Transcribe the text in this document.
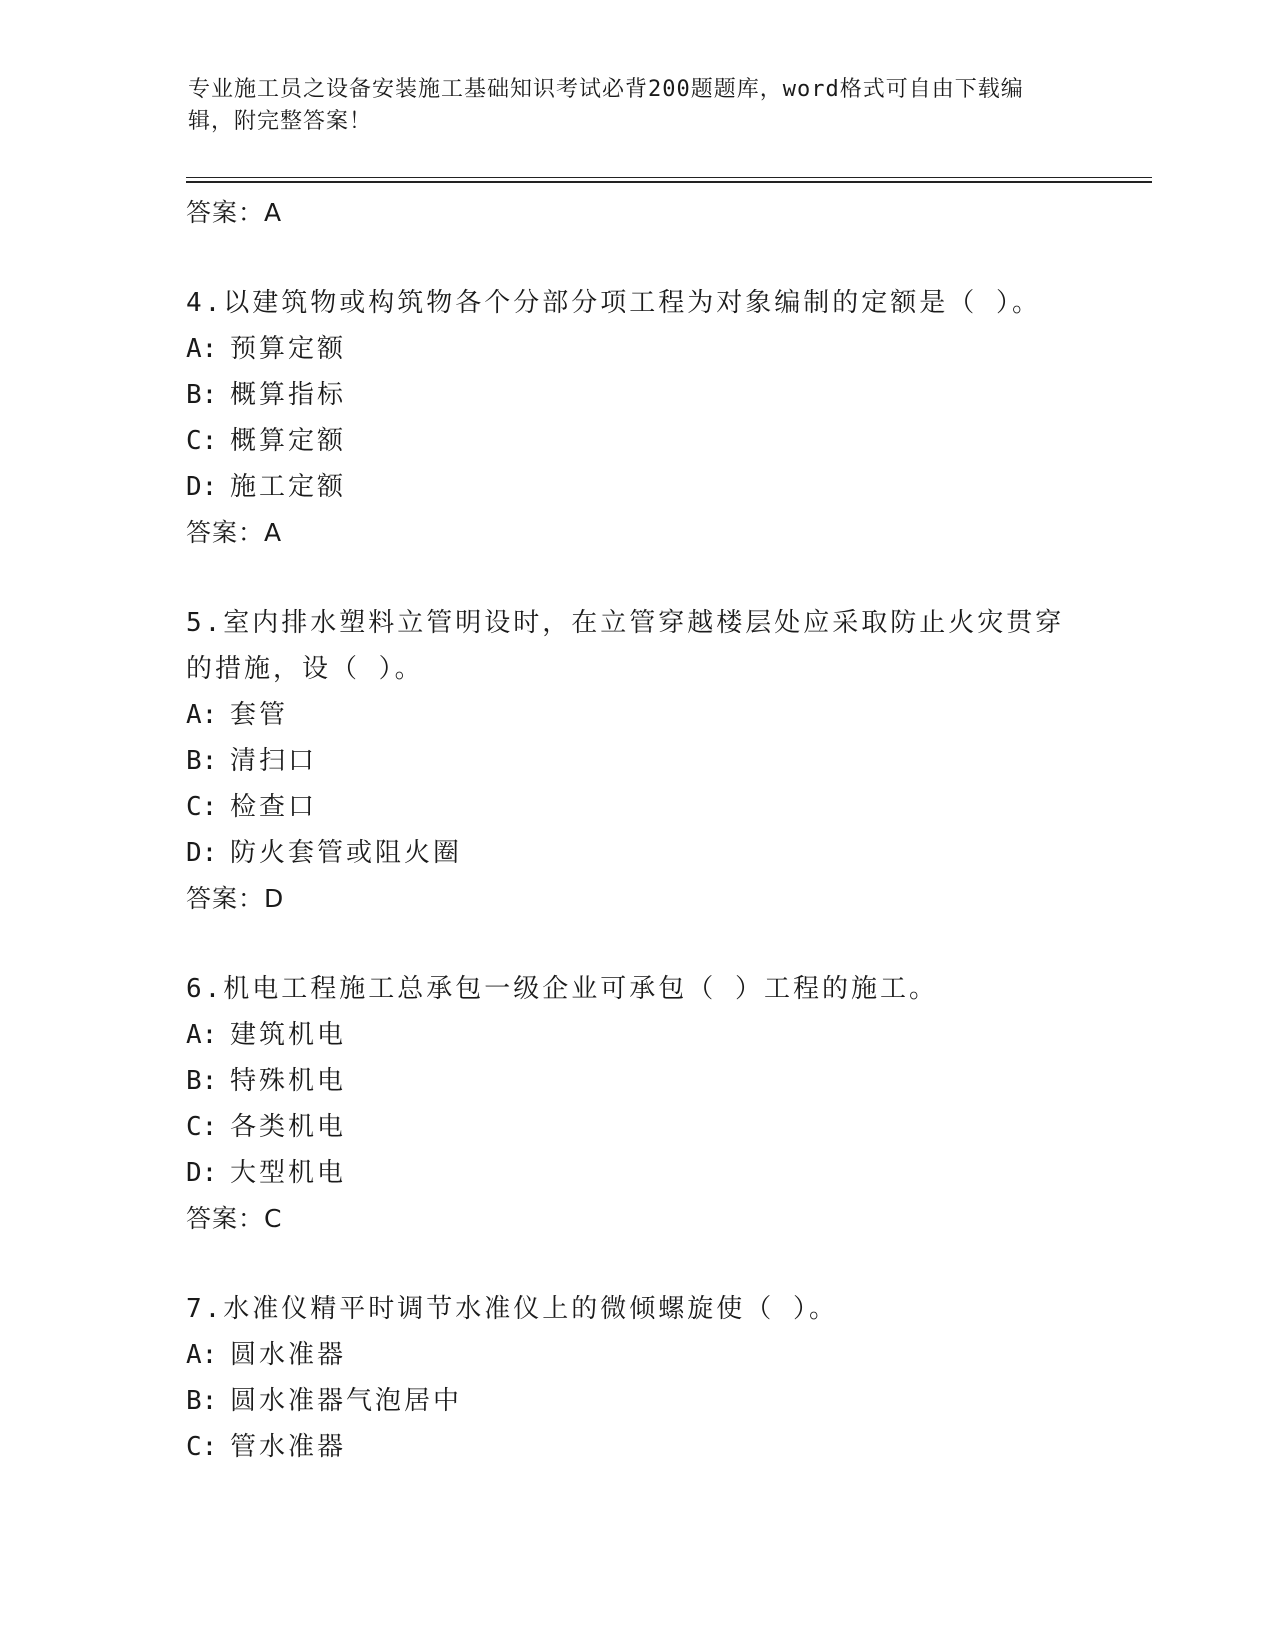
专业施工员之设备安装施工基础知识考试必背200题题库，word格式可自由下载编辑，附完整答案！
答案：A
4.以建筑物或构筑物各个分部分项工程为对象编制的定额是（ ）。
A: 预算定额
B: 概算指标
C: 概算定额
D: 施工定额
答案：A
5.室内排水塑料立管明设时，在立管穿越楼层处应采取防止火灾贯穿的措施，设（ ）。
A: 套管
B: 清扫口
C: 检查口
D: 防火套管或阻火圈
答案：D
6.机电工程施工总承包一级企业可承包（ ）工程的施工。
A: 建筑机电
B: 特殊机电
C: 各类机电
D: 大型机电
答案：C
7.水准仪精平时调节水准仪上的微倾螺旋使（ ）。
A: 圆水准器
B: 圆水准器气泡居中
C: 管水准器
